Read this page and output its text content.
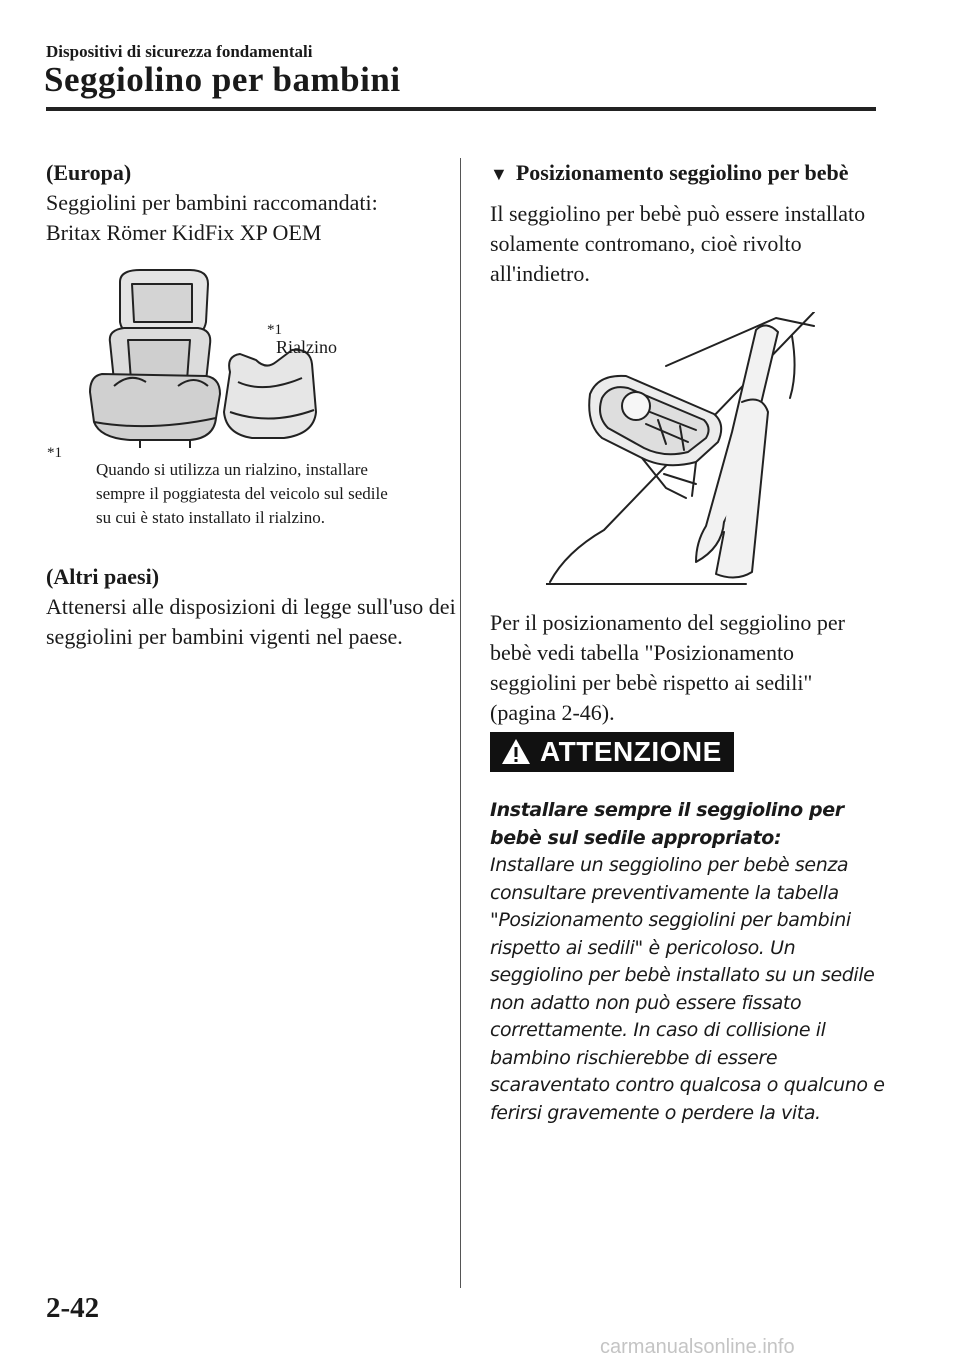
Dispositivi di sicurezza fondamentali
Seggiolino per bambini

(Europa)

Seggiolini per bambini raccomandati:

Britax Römer KidFix XP OEM

*1
Rialzino
*1

Quando si utilizza un rialzino, installare sempre il poggiatesta del veicolo sul sedile su cui è stato installato il rialzino.

(Altri paesi)

Attenersi alle disposizioni di legge sull'uso dei seggiolini per bambini vigenti nel paese.

▼ Posizionamento seggiolino per bebè

Il seggiolino per bebè può essere installato solamente contromano, cioè rivolto all'indietro.

Per il posizionamento del seggiolino per bebè vedi tabella "Posizionamento seggiolini per bebè rispetto ai sedili" (pagina 2-46).

ATTENZIONE

Installare sempre il seggiolino per bebè sul sedile appropriato:

Installare un seggiolino per bebè senza consultare preventivamente la tabella "Posizionamento seggiolini per bambini rispetto ai sedili" è pericoloso. Un seggiolino per bebè installato su un sedile non adatto non può essere fissato correttamente. In caso di collisione il bambino rischierebbe di essere scaraventato contro qualcosa o qualcuno e ferirsi gravemente o perdere la vita.

2-42
carmanualsonline.info
